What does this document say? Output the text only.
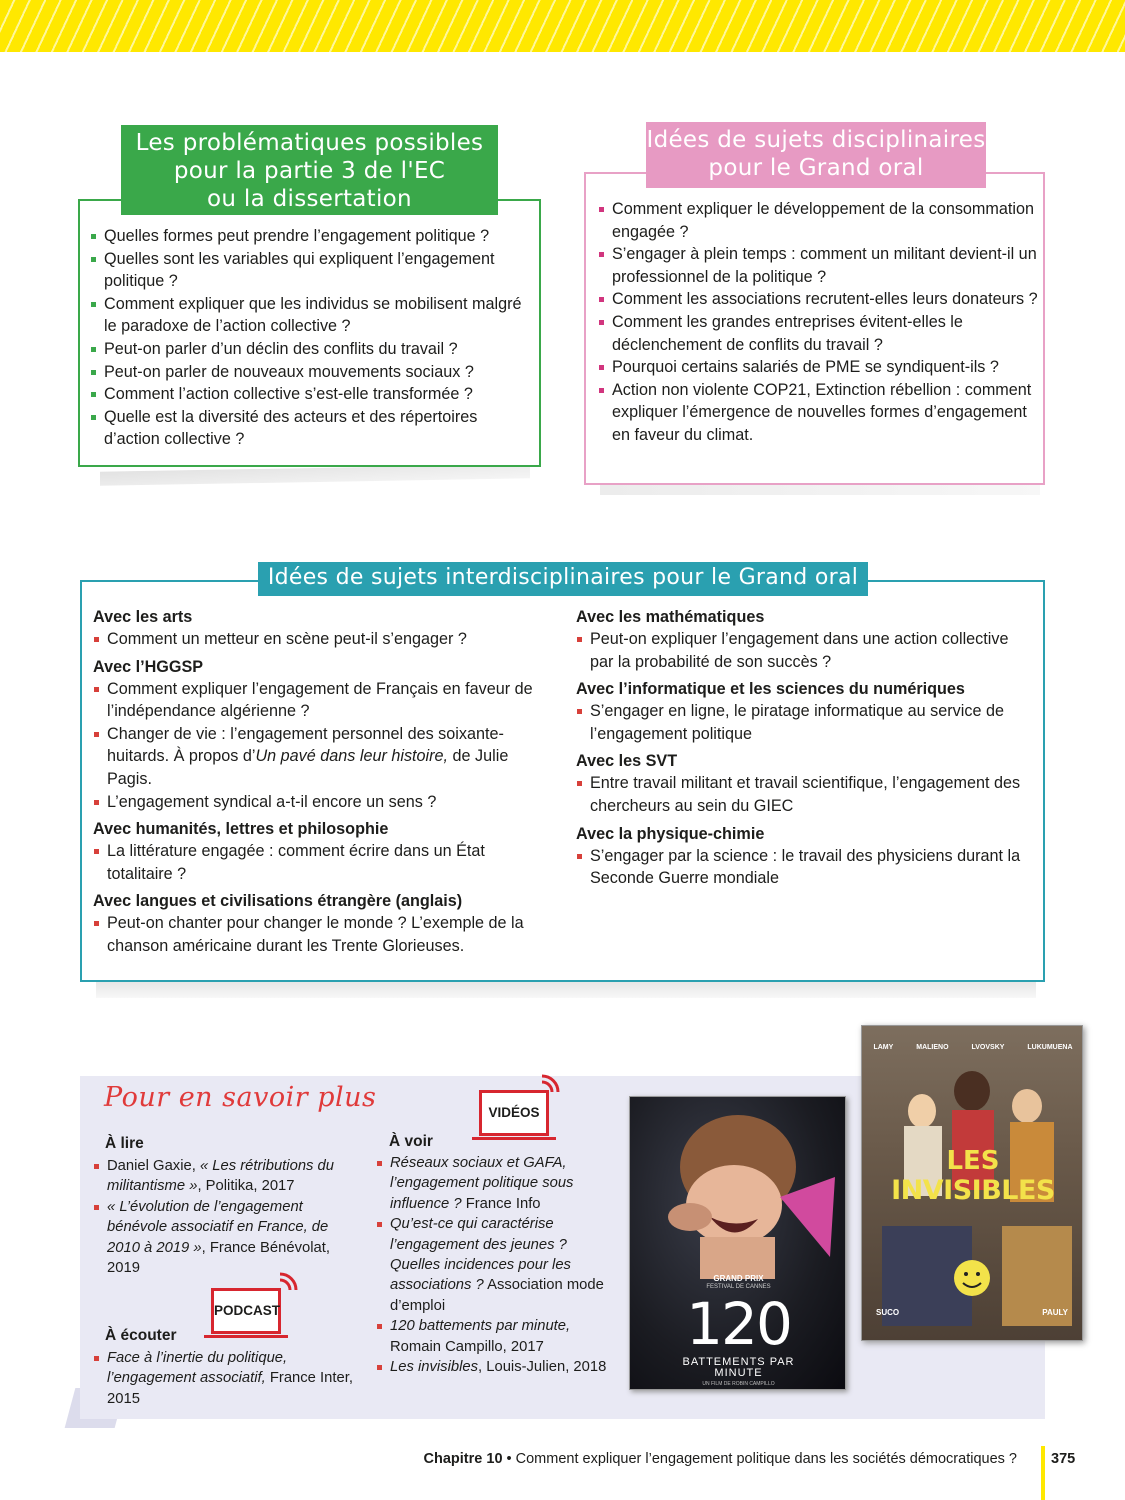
Quelles formes peut prendre l’engagement politique ?
Quelles sont les variables qui expliquent l’engagement politique ?
Comment expliquer que les individus se mobilisent malgré le paradoxe de l’action collective ?
Peut-on parler d’un déclin des conflits du travail ?
Peut-on parler de nouveaux mouvements sociaux ?
Comment l’action collective s’est-elle transformée ?
Quelle est la diversité des acteurs et des répertoires d’action collective ?
Les problématiques possibles
pour la partie 3 de l'EC
ou la dissertation	Comment expliquer le développement de la consommation engagée ?
S’engager à plein temps : comment un militant devient-il un professionnel de la politique ?
Comment les associations recrutent-elles leurs donateurs ?
Comment les grandes entreprises évitent-elles le déclenchement de conflits du travail ?
Pourquoi certains salariés de PME se syndiquent-ils ?
Action non violente COP21, Extinction rébellion : comment expliquer l’émergence de nouvelles formes d’engagement en faveur du climat.
Idées de sujets disciplinaires
pour le Grand oral
Avec les arts
Comment un metteur en scène peut-il s’engager ?
Avec l’HGGSP
Comment expliquer l’engagement de Français en faveur de l’indépendance algérienne ?
Changer de vie : l’engagement personnel des soixante-huitards. À propos d’Un pavé dans leur histoire, de Julie Pagis.
L’engagement syndical a-t-il encore un sens ?
Avec humanités, lettres et philosophie
La littérature engagée : comment écrire dans un État totalitaire ?
Avec langues et civilisations étrangère (anglais)
Peut-on chanter pour changer le monde ? L’exemple de la chanson américaine durant les Trente Glorieuses.
Avec les mathématiques
Peut-on expliquer l’engagement dans une action collective par la probabilité de son succès ?
Avec l’informatique et les sciences du numériques
S’engager en ligne, le piratage informatique au service de l’engagement politique
Avec les SVT
Entre travail militant et travail scientifique, l’engagement des chercheurs au sein du GIEC
Avec la physique-chimie
S’engager par la science : le travail des physiciens durant la Seconde Guerre mondiale
Idées de sujets interdisciplinaires pour le Grand oral
Pour en savoir plus
À lire
Daniel Gaxie, « Les rétributions du militantisme », Politika, 2017
« L’évolution de l’engagement bénévole associatif en France, de 2010 à 2019 », France Bénévolat, 2019
PODCAST
À écouter
Face à l’inertie du politique, l’engagement associatif, France Inter, 2015
VIDÉOS
À voir
Réseaux sociaux et GAFA, l’engagement politique sous influence ? France Info
Qu’est-ce qui caractérise l’engagement des jeunes ? Quelles incidences pour les associations ? Association mode d’emploi
120 battements par minute, Romain Campillo, 2017
Les invisibles, Louis-Julien, 2018
GRAND PRIX
FESTIVAL DE CANNES
120
BATTEMENTS PAR MINUTE
UN FILM DE ROBIN CAMPILLO
LAMY	MALIENO	LVOVSKY	LUKUMUENA
LES
INVISIBLES
SUCO	PAULY
Chapitre 10 • Comment expliquer l’engagement politique dans les sociétés démocratiques ? 375
